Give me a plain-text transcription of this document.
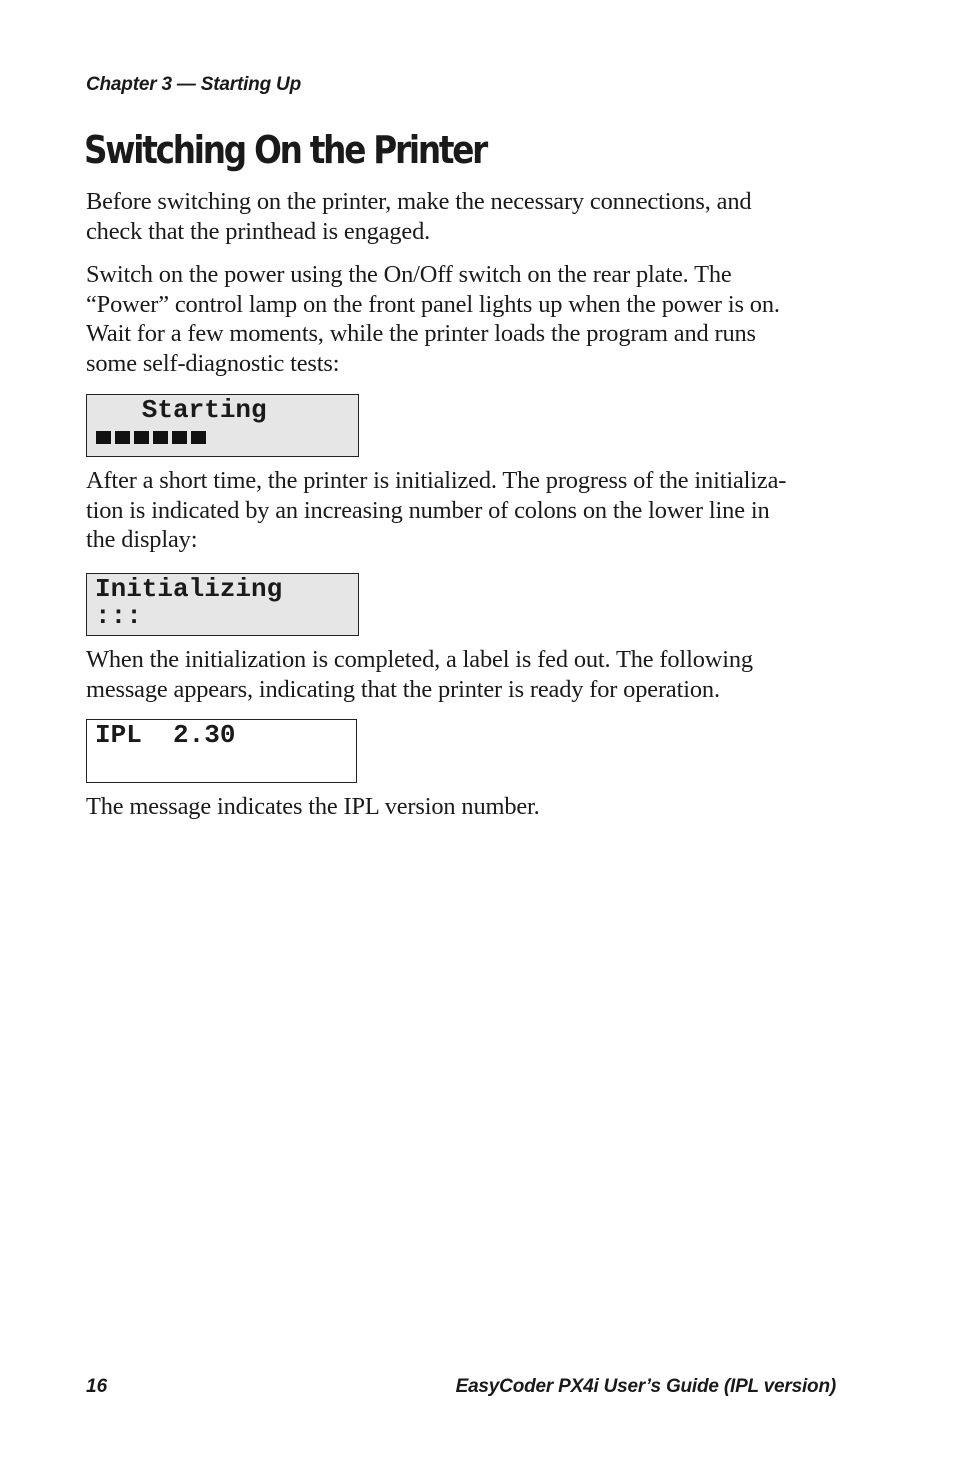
Chapter 3 — Starting Up

Switching On the Printer

Before switching on the printer, make the necessary connections, and
check that the printhead is engaged.

Switch on the power using the On/Off switch on the rear plate. The
“Power” control lamp on the front panel lights up when the power is on.
Wait for a few moments, while the printer loads the program and runs
some self-diagnostic tests:

Starting

After a short time, the printer is initialized. The progress of the initializa-
tion is indicated by an increasing number of colons on the lower line in
the display:

Initializing
:::

When the initialization is completed, a label is fed out. The following
message appears, indicating that the printer is ready for operation.

IPL  2.30

The message indicates the IPL version number.

16	EasyCoder PX4i User’s Guide (IPL version)
